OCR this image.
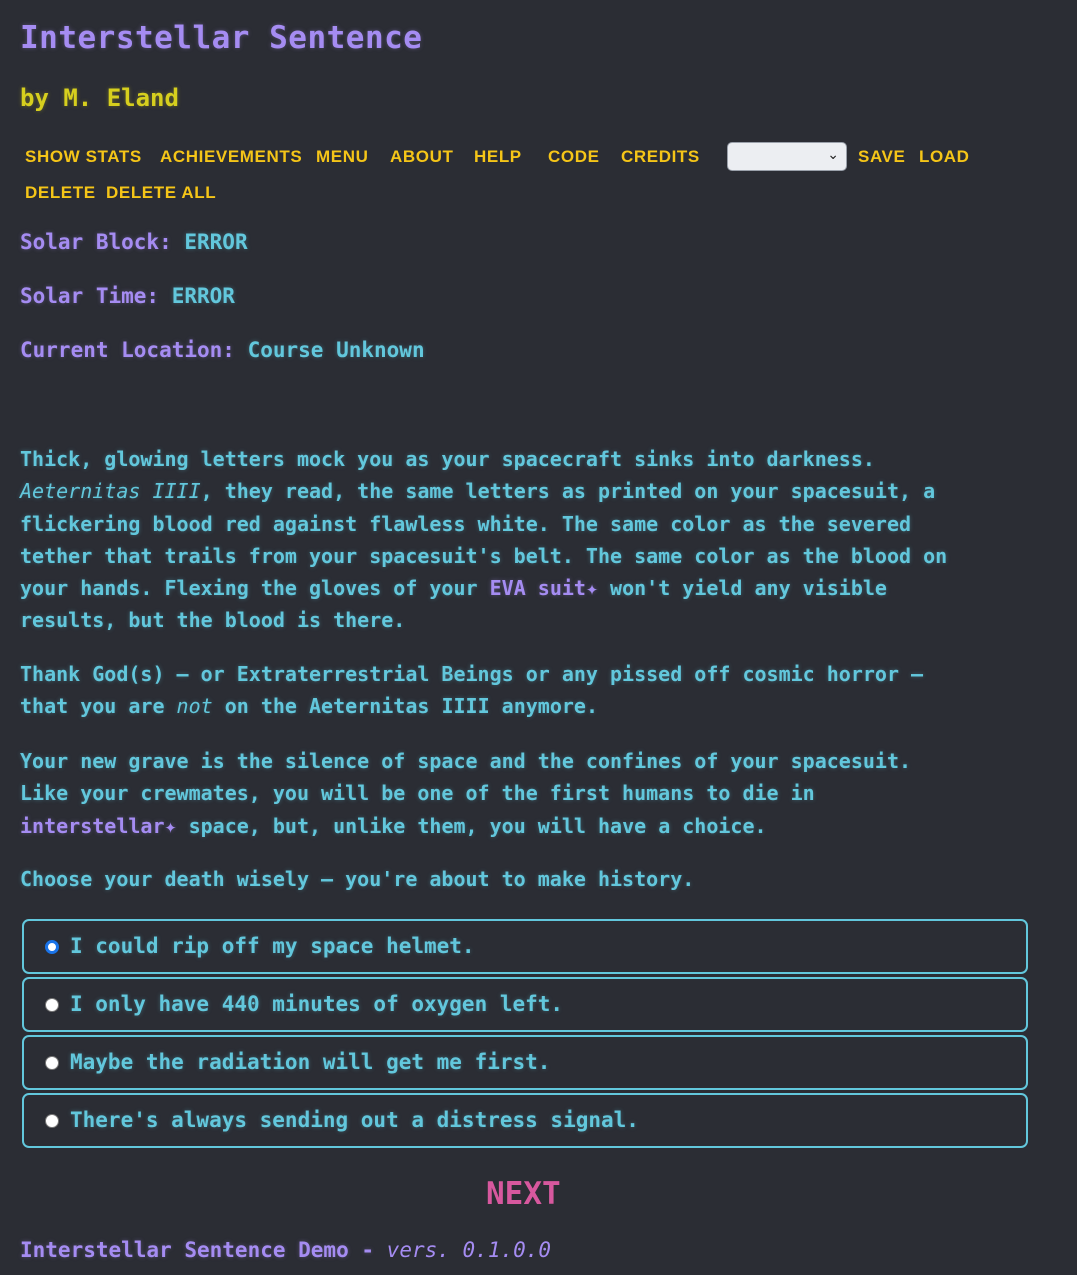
Interstellar Sentence
by M. Eland
SHOW STATS ACHIEVEMENTS MENU ABOUT HELP CODE CREDITS	⌄ SAVE LOAD
DELETE DELETE ALL
Solar Block: ERROR
Solar Time: ERROR
Current Location: Course Unknown
Thick, glowing letters mock you as your spacecraft sinks into darkness.
Aeternitas IIII, they read, the same letters as printed on your spacesuit, a
flickering blood red against flawless white. The same color as the severed
tether that trails from your spacesuit's belt. The same color as the blood on
your hands. Flexing the gloves of your EVA suit✦ won't yield any visible
results, but the blood is there.
Thank God(s) — or Extraterrestrial Beings or any pissed off cosmic horror —
that you are not on the Aeternitas IIII anymore.
Your new grave is the silence of space and the confines of your spacesuit.
Like your crewmates, you will be one of the first humans to die in
interstellar✦ space, but, unlike them, you will have a choice.
Choose your death wisely — you're about to make history.
I could rip off my space helmet.
I only have 440 minutes of oxygen left.
Maybe the radiation will get me first.
There's always sending out a distress signal.
NEXT
Interstellar Sentence Demo - vers. 0.1.0.0
